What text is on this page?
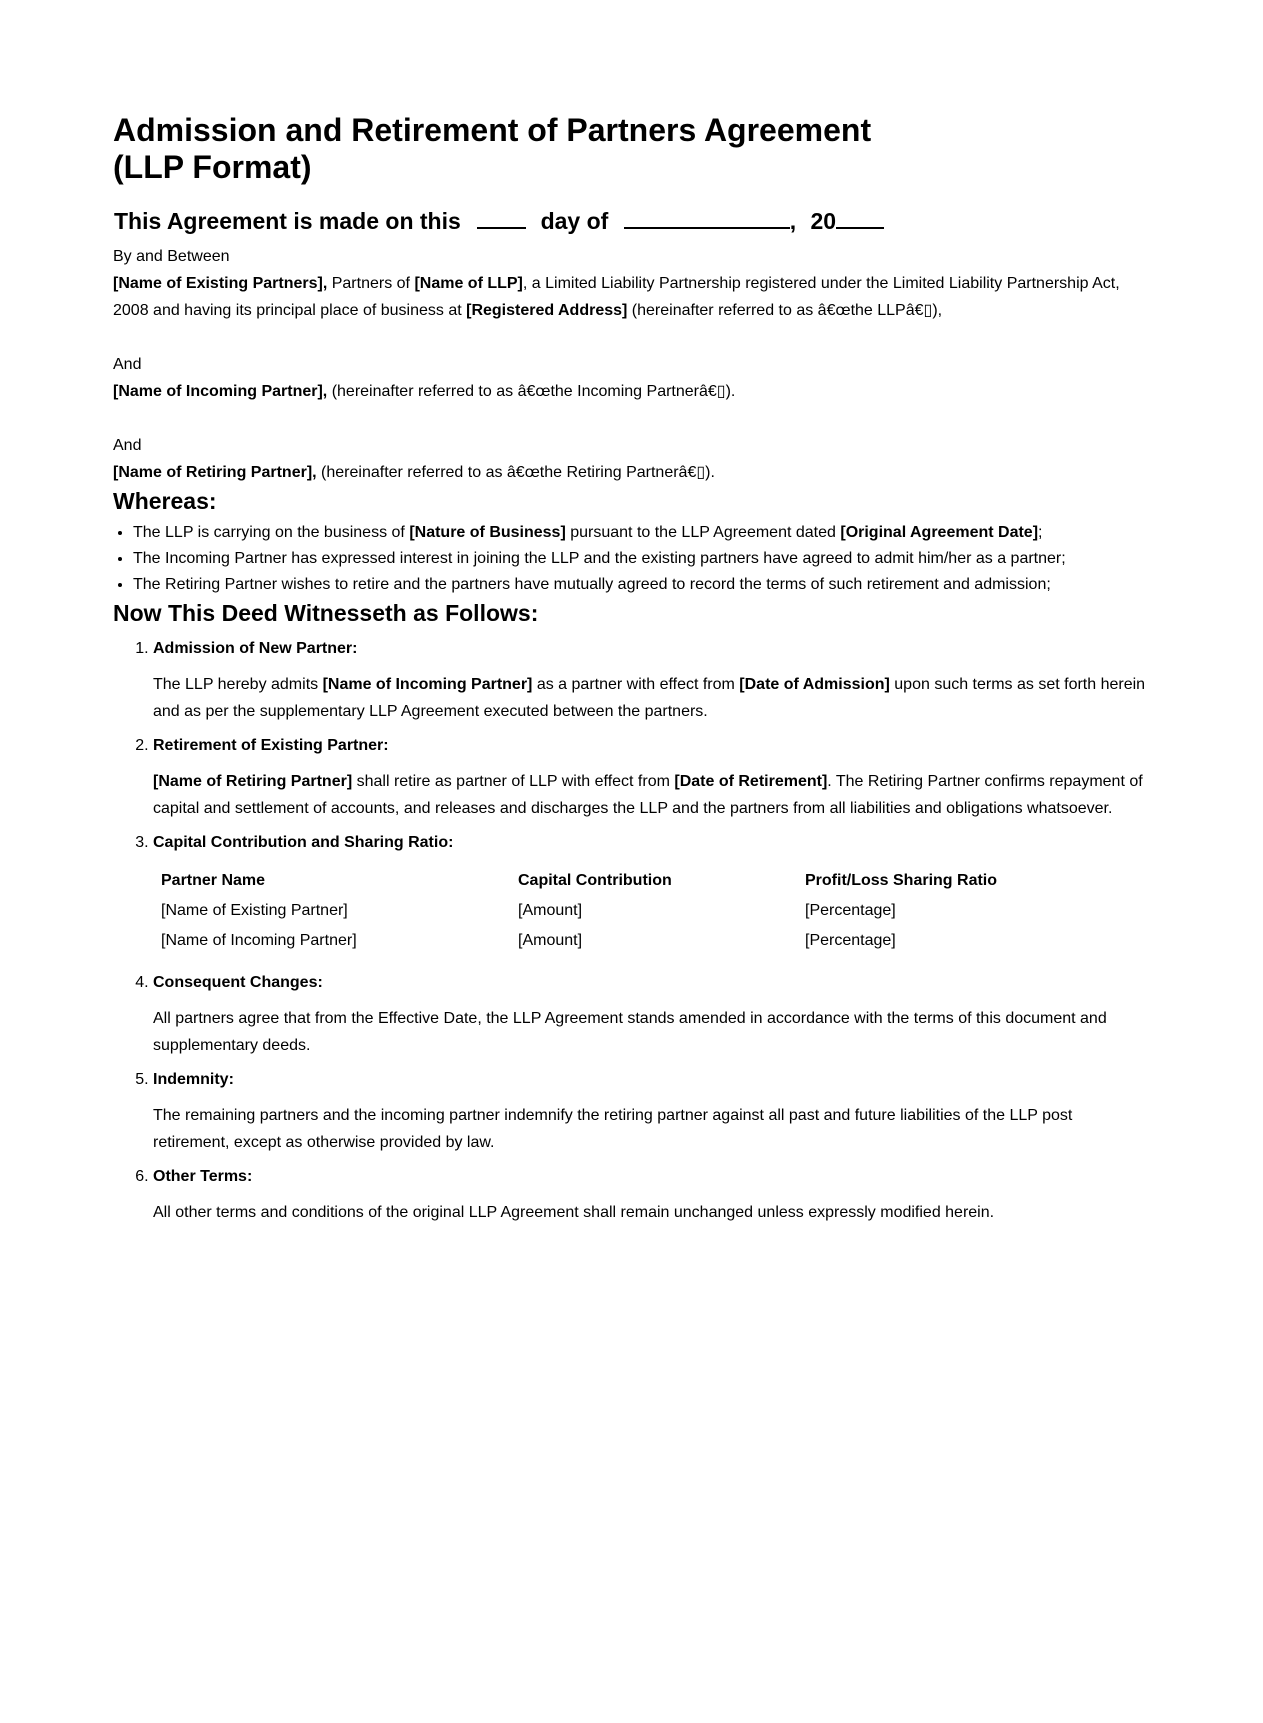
Admission and Retirement of Partners Agreement (LLP Format)
This Agreement is made on this	day of	, 20

By and Between

[Name of Existing Partners], Partners of [Name of LLP], a Limited Liability Partnership registered under the Limited Liability Partnership Act, 2008 and having its principal place of business at [Registered Address] (hereinafter referred to as â€œthe LLPâ€▯),

And

[Name of Incoming Partner], (hereinafter referred to as â€œthe Incoming Partnerâ€▯).

And

[Name of Retiring Partner], (hereinafter referred to as â€œthe Retiring Partnerâ€▯).

Whereas:
• The LLP is carrying on the business of [Nature of Business] pursuant to the LLP Agreement dated [Original Agreement Date];
• The Incoming Partner has expressed interest in joining the LLP and the existing partners have agreed to admit him/her as a partner;
• The Retiring Partner wishes to retire and the partners have mutually agreed to record the terms of such retirement and admission;
Now This Deed Witnesseth as Follows:
1. Admission of New Partner:

The LLP hereby admits [Name of Incoming Partner] as a partner with effect from [Date of Admission] upon such terms as set forth herein and as per the supplementary LLP Agreement executed between the partners.

2. Retirement of Existing Partner:

[Name of Retiring Partner] shall retire as partner of LLP with effect from [Date of Retirement]. The Retiring Partner confirms repayment of capital and settlement of accounts, and releases and discharges the LLP and the partners from all liabilities and obligations whatsoever.

3. Capital Contribution and Sharing Ratio:
Partner Name	Capital Contribution	Profit/Loss Sharing Ratio
[Name of Existing Partner]	[Amount]	[Percentage]
[Name of Incoming Partner]	[Amount]	[Percentage]
4. Consequent Changes:

All partners agree that from the Effective Date, the LLP Agreement stands amended in accordance with the terms of this document and supplementary deeds.

5. Indemnity:

The remaining partners and the incoming partner indemnify the retiring partner against all past and future liabilities of the LLP post retirement, except as otherwise provided by law.

6. Other Terms:

All other terms and conditions of the original LLP Agreement shall remain unchanged unless expressly modified herein.
